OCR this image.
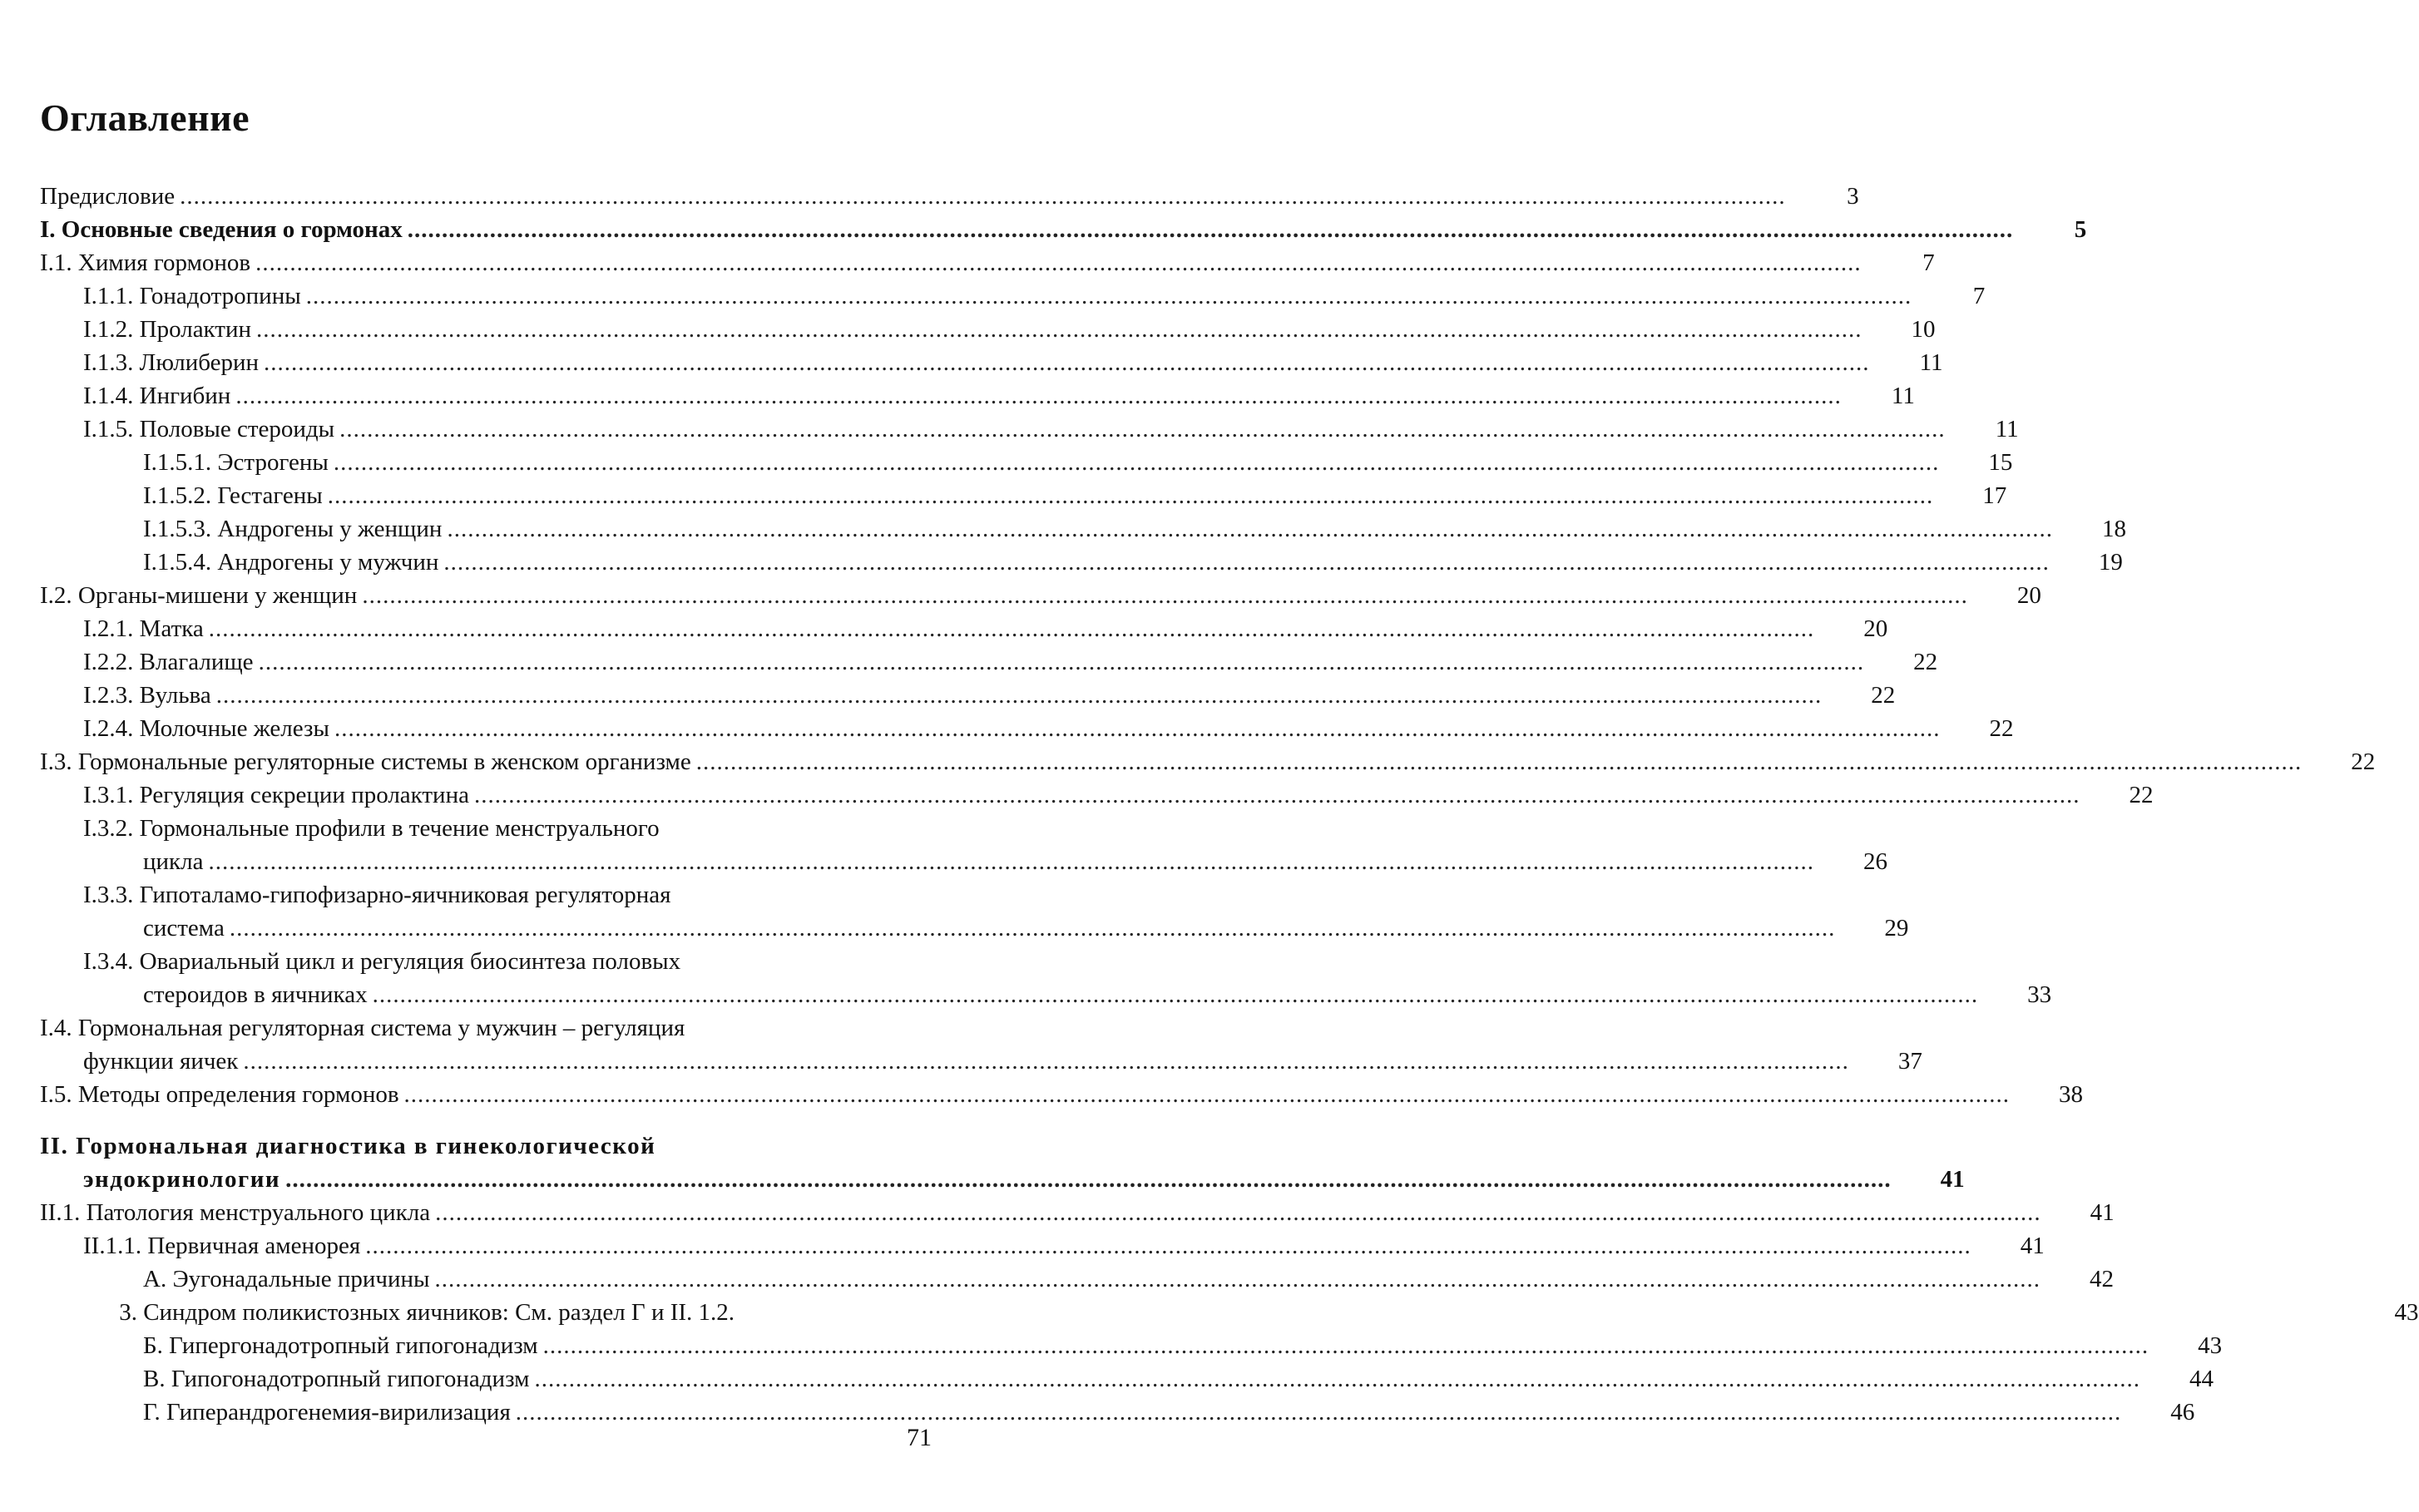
Оглавление
Предисловие .....	3
I. Основные сведения о гормонах .....	5
I.1. Химия гормонов .....	7
I.1.1. Гонадотропины .....	7
I.1.2. Пролактин .....	10
I.1.3. Люлиберин .....	11
I.1.4. Ингибин .....	11
I.1.5. Половые стероиды .....	11
I.1.5.1. Эстрогены .....	15
I.1.5.2. Гестагены .....	17
I.1.5.3. Андрогены у женщин .....	18
I.1.5.4. Андрогены у мужчин .....	19
I.2. Органы-мишени у женщин .....	20
I.2.1. Матка .....	20
I.2.2. Влагалище .....	22
I.2.3. Вульва .....	22
I.2.4. Молочные железы .....	22
I.3. Гормональные регуляторные системы в женском организме .....	22
I.3.1. Регуляция секреции пролактина .....	22
I.3.2. Гормональные профили в течение менструального
цикла .....	26
I.3.3. Гипоталамо-гипофизарно-яичниковая регуляторная
система .....	29
I.3.4. Овариальный цикл и регуляция биосинтеза половых
стероидов в яичниках .....	33
I.4. Гормональная регуляторная система у мужчин – регуляция
функции яичек .....	37
I.5. Методы определения гормонов .....	38
II. Гормональная диагностика в гинекологической
эндокринологии .....	41
II.1. Патология менструального цикла .....	41
II.1.1. Первичная аменорея .....	41
А. Эугонадальные причины .....	42
3. Синдром поликистозных яичников: См. раздел Г и II. 1.2.	43
Б. Гипергонадотропный гипогонадизм .....	43
В. Гипогонадотропный гипогонадизм .....	44
Г. Гиперандрогенемия-вирилизация .....	46
71
